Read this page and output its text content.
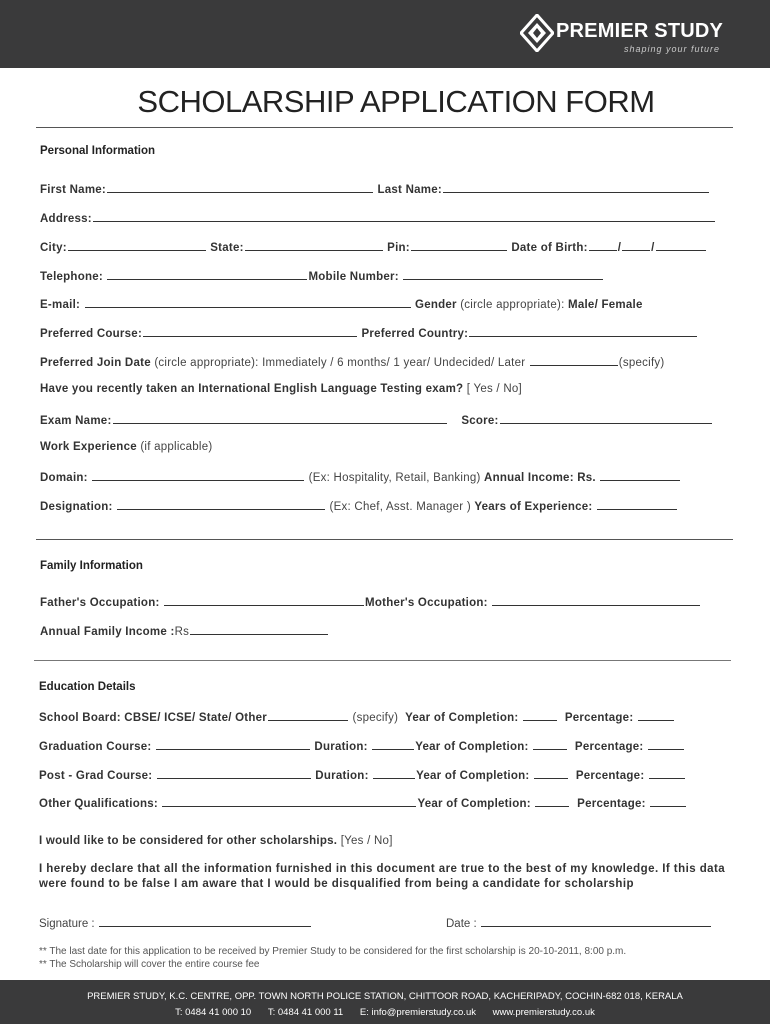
PREMIER STUDY
shaping your future
SCHOLARSHIP APPLICATION FORM
Personal Information
First Name:	Last Name:
Address:
City:	State:	Pin:	Date of Birth:	/	/
Telephone:	Mobile Number:
E-mail:	Gender (circle appropriate): Male/ Female
Preferred Course:	Preferred Country:
Preferred Join Date (circle appropriate): Immediately / 6 months/ 1 year/ Undecided/ Later	(specify)
Have you recently taken an International English Language Testing exam? [ Yes / No]
Exam Name:	Score:
Work Experience (if applicable)
Domain:	(Ex: Hospitality, Retail, Banking) Annual Income: Rs.
Designation:	(Ex: Chef, Asst. Manager ) Years of Experience:
Family Information
Father's Occupation:	Mother's Occupation:
Annual Family Income :Rs
Education Details
School Board: CBSE/ ICSE/ State/ Other	(specify) Year of Completion:	Percentage:
Graduation Course:	Duration:	Year of Completion:	Percentage:
Post - Grad Course:	Duration:	Year of Completion:	Percentage:
Other Qualifications:	Year of Completion:	Percentage:
I would like to be considered for other scholarships. [Yes / No]
I hereby declare that all the information furnished in this document are true to the best of my knowledge. If this data were found to be false I am aware that I would be disqualified from being a candidate for scholarship
Signature :	Date :
** The last date for this application to be received by Premier Study to be considered for the first scholarship is 20-10-2011, 8:00 p.m.
** The Scholarship will cover the entire course fee
PREMIER STUDY, K.C. CENTRE, OPP. TOWN NORTH POLICE STATION, CHITTOOR ROAD, KACHERIPADY, COCHIN-682 018, KERALA
T: 0484 41 000 10 T: 0484 41 000 11 E: info@premierstudy.co.uk www.premierstudy.co.uk
